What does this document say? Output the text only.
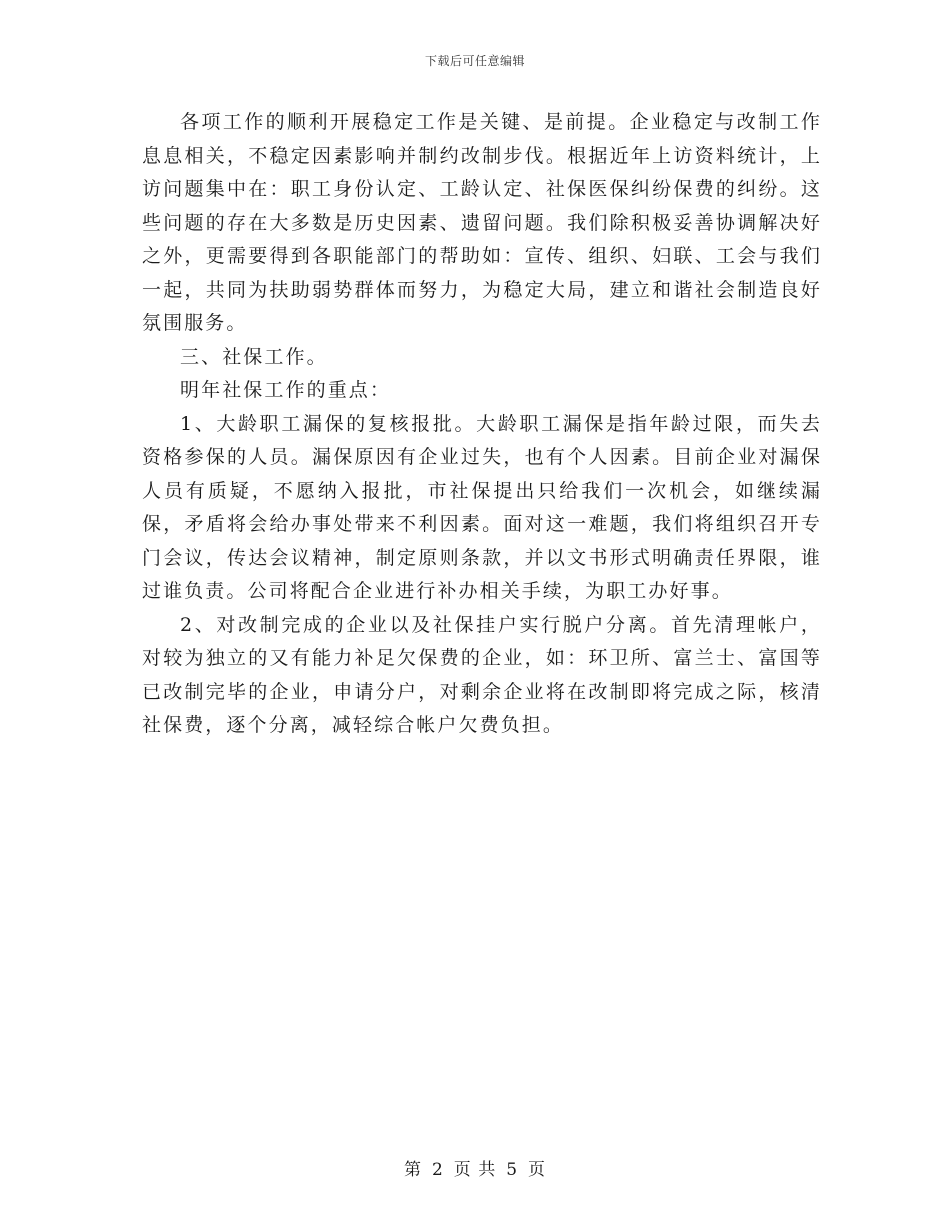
下载后可任意编辑

各项工作的顺利开展稳定工作是关键、是前提。企业稳定与改制工作息息相关，不稳定因素影响并制约改制步伐。根据近年上访资料统计，上访问题集中在：职工身份认定、工龄认定、社保医保纠纷保费的纠纷。这些问题的存在大多数是历史因素、遗留问题。我们除积极妥善协调解决好之外，更需要得到各职能部门的帮助如：宣传、组织、妇联、工会与我们一起，共同为扶助弱势群体而努力，为稳定大局，建立和谐社会制造良好氛围服务。

三、社保工作。

明年社保工作的重点：

1、大龄职工漏保的复核报批。大龄职工漏保是指年龄过限，而失去资格参保的人员。漏保原因有企业过失，也有个人因素。目前企业对漏保人员有质疑，不愿纳入报批，市社保提出只给我们一次机会，如继续漏保，矛盾将会给办事处带来不利因素。面对这一难题，我们将组织召开专门会议，传达会议精神，制定原则条款，并以文书形式明确责任界限，谁过谁负责。公司将配合企业进行补办相关手续，为职工办好事。

2、对改制完成的企业以及社保挂户实行脱户分离。首先清理帐户，对较为独立的又有能力补足欠保费的企业，如：环卫所、富兰士、富国等已改制完毕的企业，申请分户，对剩余企业将在改制即将完成之际，核清社保费，逐个分离，减轻综合帐户欠费负担。

第 2 页 共 5 页
